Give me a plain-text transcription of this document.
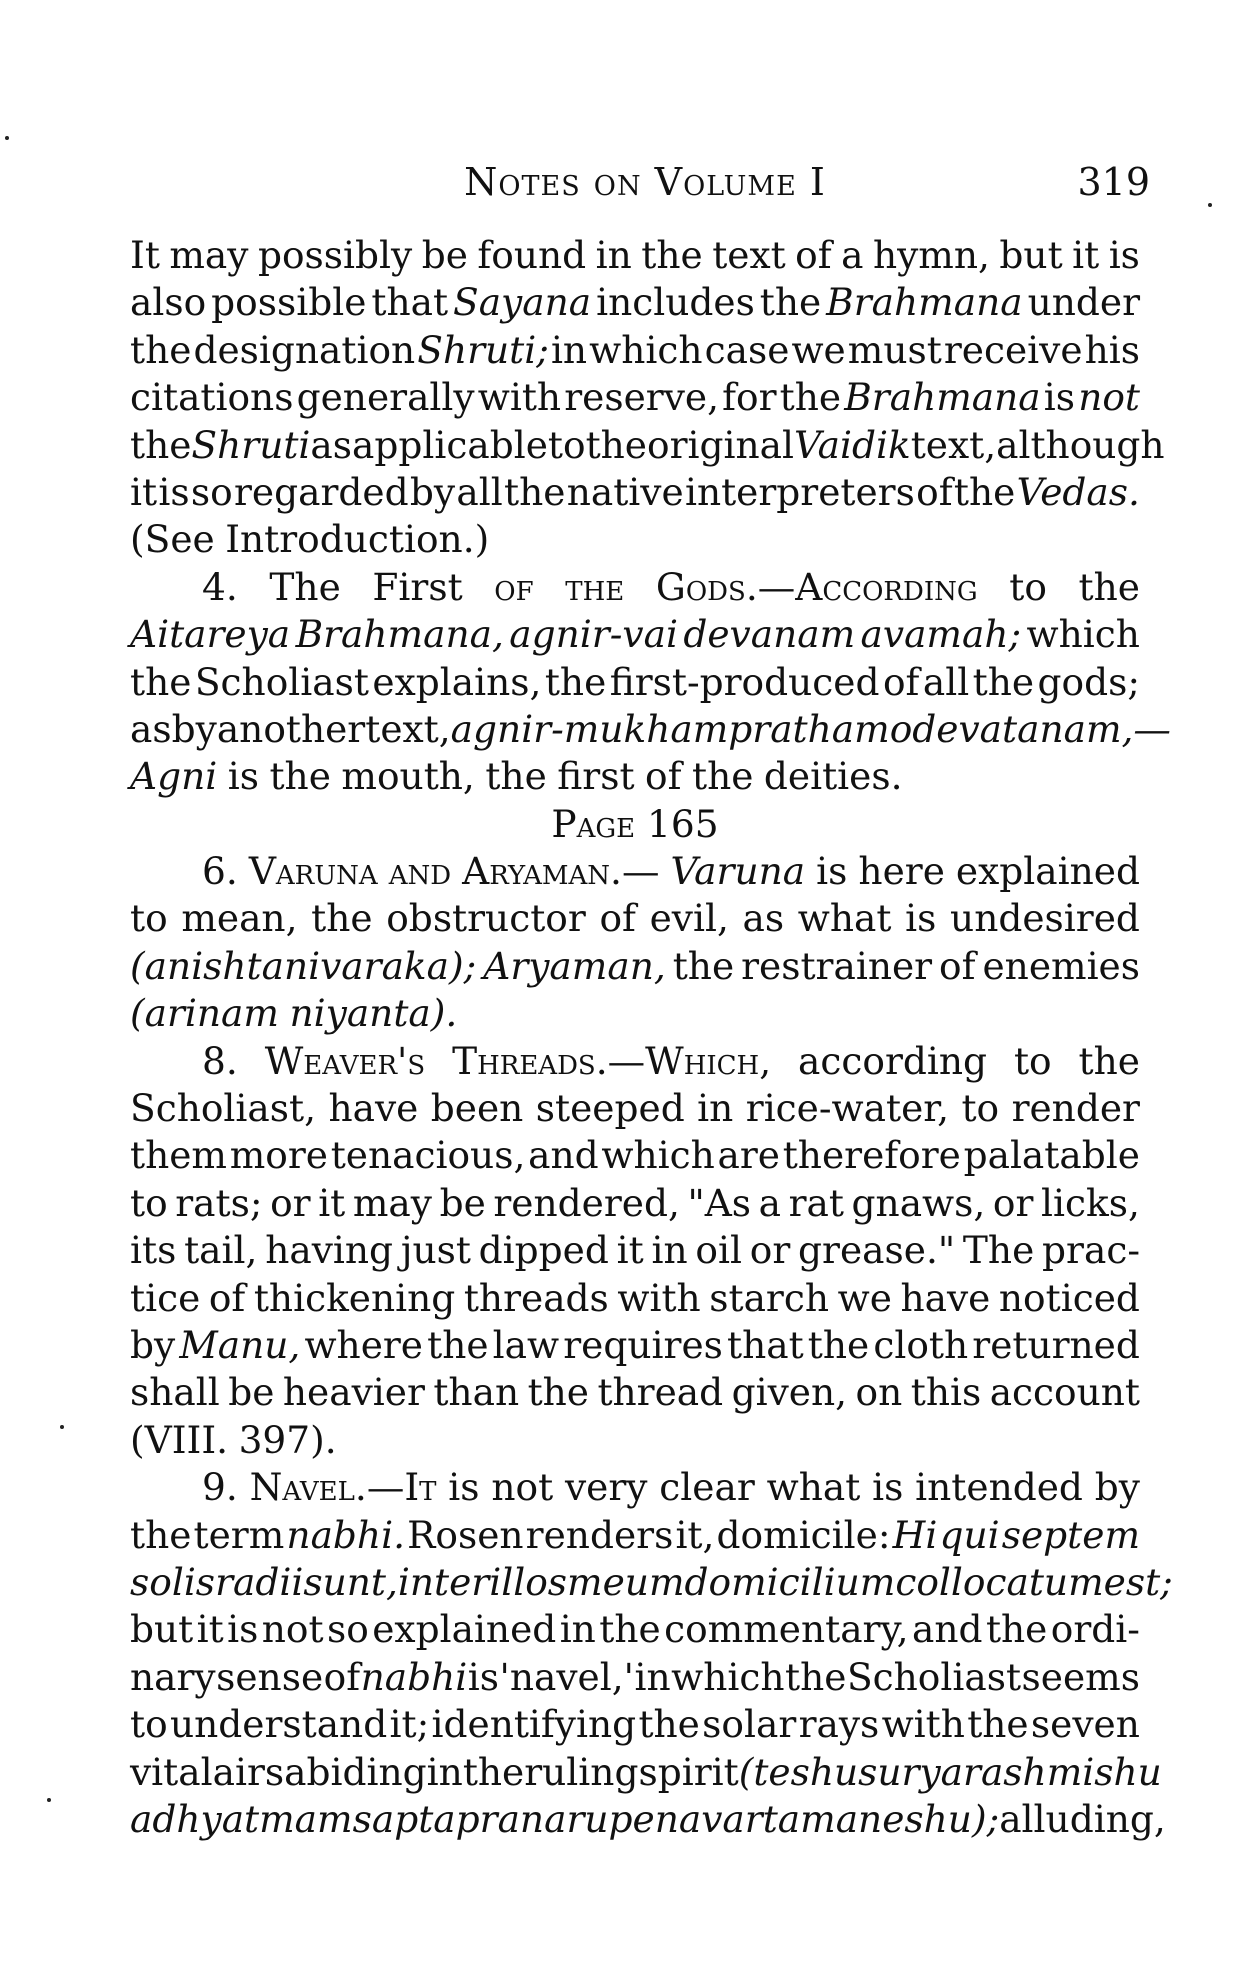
Notes on Volume I	319
It may possibly be found in the text of a hymn, but it is
also possible that Sayana includes the Brahmana under
the designation Shruti; in which case we must receive his
citations generally with reserve, for the Brahmana is not
the Shruti as applicable to the original Vaidik text, although
it is so regarded by all the native interpreters of the Vedas.
(See Introduction.)
4. The First of the Gods.—According to the
Aitareya Brahmana, agnir-vai devanam avamah; which
the Scholiast explains, the first-produced of all the gods;
as by another text, agnir-mukham prathamo devatanam,—
Agni is the mouth, the first of the deities.
Page 165
6. Varuna and Aryaman.— Varuna is here explained
to mean, the obstructor of evil, as what is undesired
(anishtanivaraka); Aryaman, the restrainer of enemies
(arinam niyanta).
8. Weaver's Threads.—Which, according to the
Scholiast, have been steeped in rice-water, to render
them more tenacious, and which are therefore palatable
to rats; or it may be rendered, "As a rat gnaws, or licks,
its tail, having just dipped it in oil or grease." The prac-
tice of thickening threads with starch we have noticed
by Manu, where the law requires that the cloth returned
shall be heavier than the thread given, on this account
(VIII. 397).
9. Navel.—It is not very clear what is intended by
the term nabhi. Rosen renders it, domicile: Hi qui septem
solis radii sunt, inter illos meum domicilium collocatum est;
but it is not so explained in the commentary, and the ordi-
nary sense of nabhi is 'navel,' in which the Scholiast seems
to understand it; identifying the solar rays with the seven
vital airs abiding in the ruling spirit (teshu suryarashmishu
adhyatmam saptapranarupena vartamaneshu); alluding,
